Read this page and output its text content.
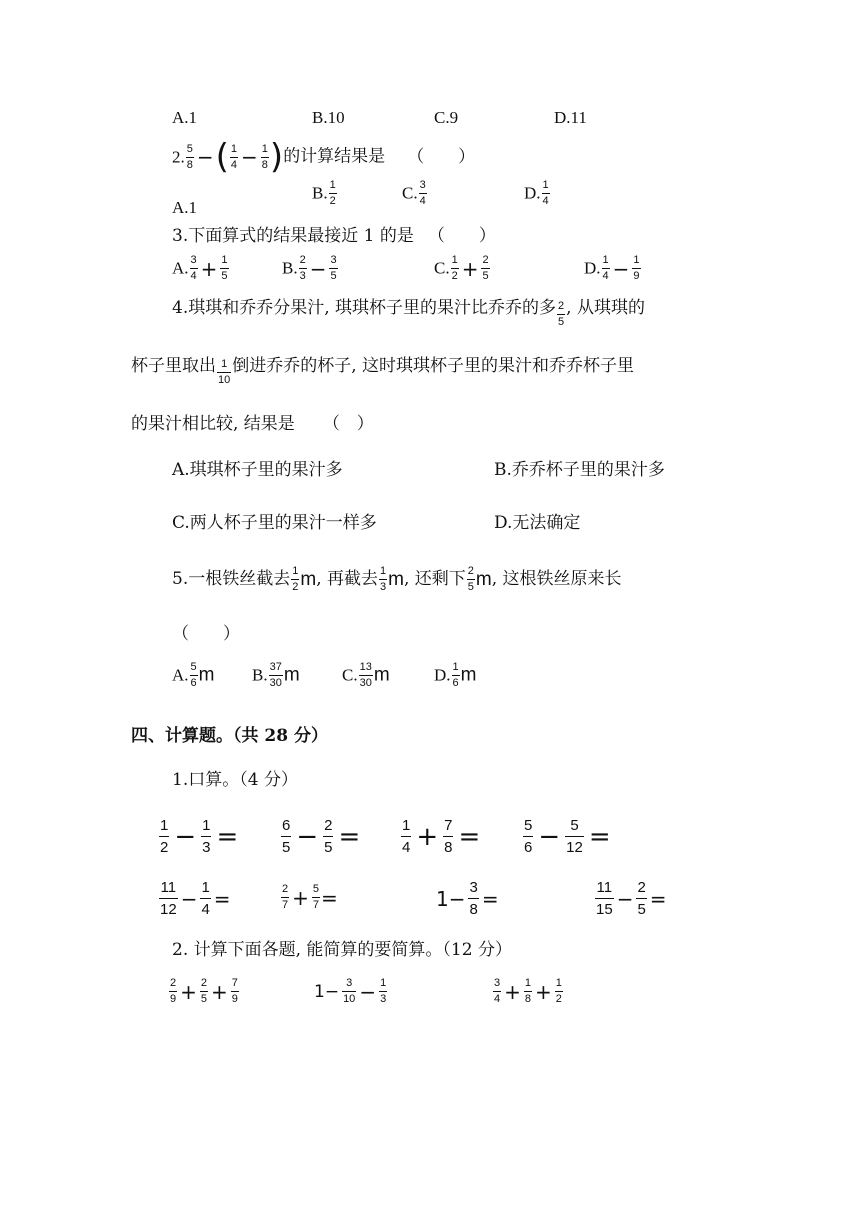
A.1	B.10	C.9	D.11
2. $\frac{5}{8}$ −( $\frac{1}{4} - \frac{1}{8}$ )的计算结果是 （　　）
A.1
B. $\frac{1}{2}$	C. $\frac{3}{4}$	D. $\frac{1}{4}$
3.下面算式的结果最接近 1 的是 （　　）
A. $\frac{3}{4} + \frac{1}{5}$	B. $\frac{2}{3} - \frac{3}{5}$	C. $\frac{1}{2} + \frac{2}{5}$	D. $\frac{1}{4} - \frac{1}{9}$
4.琪琪和乔乔分果汁, 琪琪杯子里的果汁比乔乔的多 $\frac{2}{5}$ , 从琪琪的
杯子里取出 $\frac{1}{10}$ 倒进乔乔的杯子, 这时琪琪杯子里的果汁和乔乔杯子里
的果汁相比较, 结果是 （　）
A.琪琪杯子里的果汁多	B.乔乔杯子里的果汁多
C.两人杯子里的果汁一样多	D.无法确定
5.一根铁丝截去 $\frac{1}{2} m$, 再截去 $\frac{1}{3} m$, 还剩下 $\frac{2}{5} m$, 这根铁丝原来长
（　　）
A. $\frac{5}{6}$ m B. $\frac{37}{30}$ m C. $\frac{13}{30}$ m	D. $\frac{1}{6}$ m
四、计算题。（共 28 分）
1.口算。（4 分）
$\frac{1}{2} - \frac{1}{3}$ =	$\frac{6}{5} - \frac{2}{5}$ =	$\frac{1}{4} + \frac{7}{8}$ =	$\frac{5}{6} - \frac{5}{12}$ =
$\frac{11}{12} - \frac{1}{4}$ =	$\frac{2}{7} + \frac{5}{7}$ =	$1- \frac{3}{8}$ =	$\frac{11}{15} - \frac{2}{5}$ =
2. 计算下面各题, 能简算的要简算。（12 分）
$\frac{2}{9} + \frac{2}{5} + \frac{7}{9}$	$1- \frac{3}{10} - \frac{1}{3}$	$\frac{3}{4} + \frac{1}{8} + \frac{1}{2}$
